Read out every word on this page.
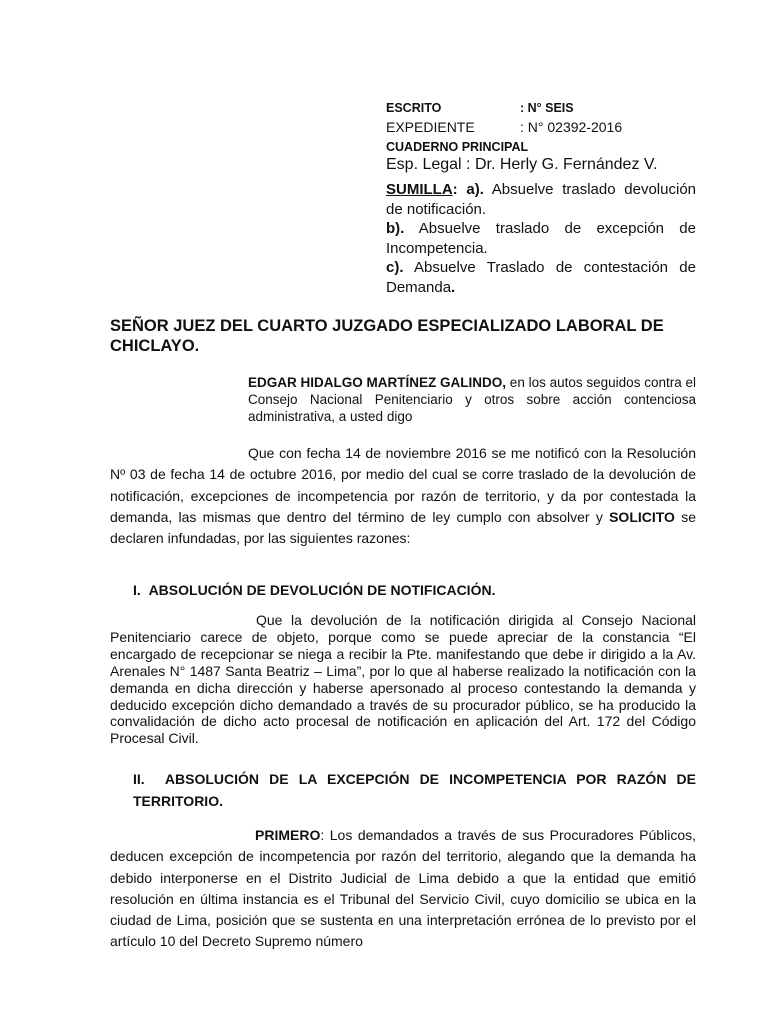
ESCRITO	: N° SEIS
EXPEDIENTE	: N° 02392-2016
CUADERNO PRINCIPAL
Esp. Legal : Dr. Herly G. Fernández V.

SUMILLA: a). Absuelve traslado devolución de notificación.

b). Absuelve traslado de excepción de Incompetencia.

c). Absuelve Traslado de contestación de Demanda.

SEÑOR JUEZ DEL CUARTO JUZGADO ESPECIALIZADO LABORAL DE CHICLAYO.
EDGAR HIDALGO MARTÍNEZ GALINDO, en los autos seguidos contra el Consejo Nacional Penitenciario y otros sobre acción contenciosa administrativa, a usted digo
Que con fecha 14 de noviembre 2016 se me notificó con la Resolución Nº 03 de fecha 14 de octubre 2016, por medio del cual se corre traslado de la devolución de notificación, excepciones de incompetencia por razón de territorio, y da por contestada la demanda, las mismas que dentro del término de ley cumplo con absolver y SOLICITO se declaren infundadas, por las siguientes razones:
I. ABSOLUCIÓN DE DEVOLUCIÓN DE NOTIFICACIÓN.
Que la devolución de la notificación dirigida al Consejo Nacional Penitenciario carece de objeto, porque como se puede apreciar de la constancia “El encargado de recepcionar se niega a recibir la Pte. manifestando que debe ir dirigido a la Av. Arenales N° 1487 Santa Beatriz – Lima”, por lo que al haberse realizado la notificación con la demanda en dicha dirección y haberse apersonado al proceso contestando la demanda y deducido excepción dicho demandado a través de su procurador público, se ha producido la convalidación de dicho acto procesal de notificación en aplicación del Art. 172 del Código Procesal Civil.
II. ABSOLUCIÓN DE LA EXCEPCIÓN DE INCOMPETENCIA POR RAZÓN DE TERRITORIO.
PRIMERO: Los demandados a través de sus Procuradores Públicos, deducen excepción de incompetencia por razón del territorio, alegando que la demanda ha debido interponerse en el Distrito Judicial de Lima debido a que la entidad que emitió resolución en última instancia es el Tribunal del Servicio Civil, cuyo domicilio se ubica en la ciudad de Lima, posición que se sustenta en una interpretación errónea de lo previsto por el artículo 10 del Decreto Supremo número
